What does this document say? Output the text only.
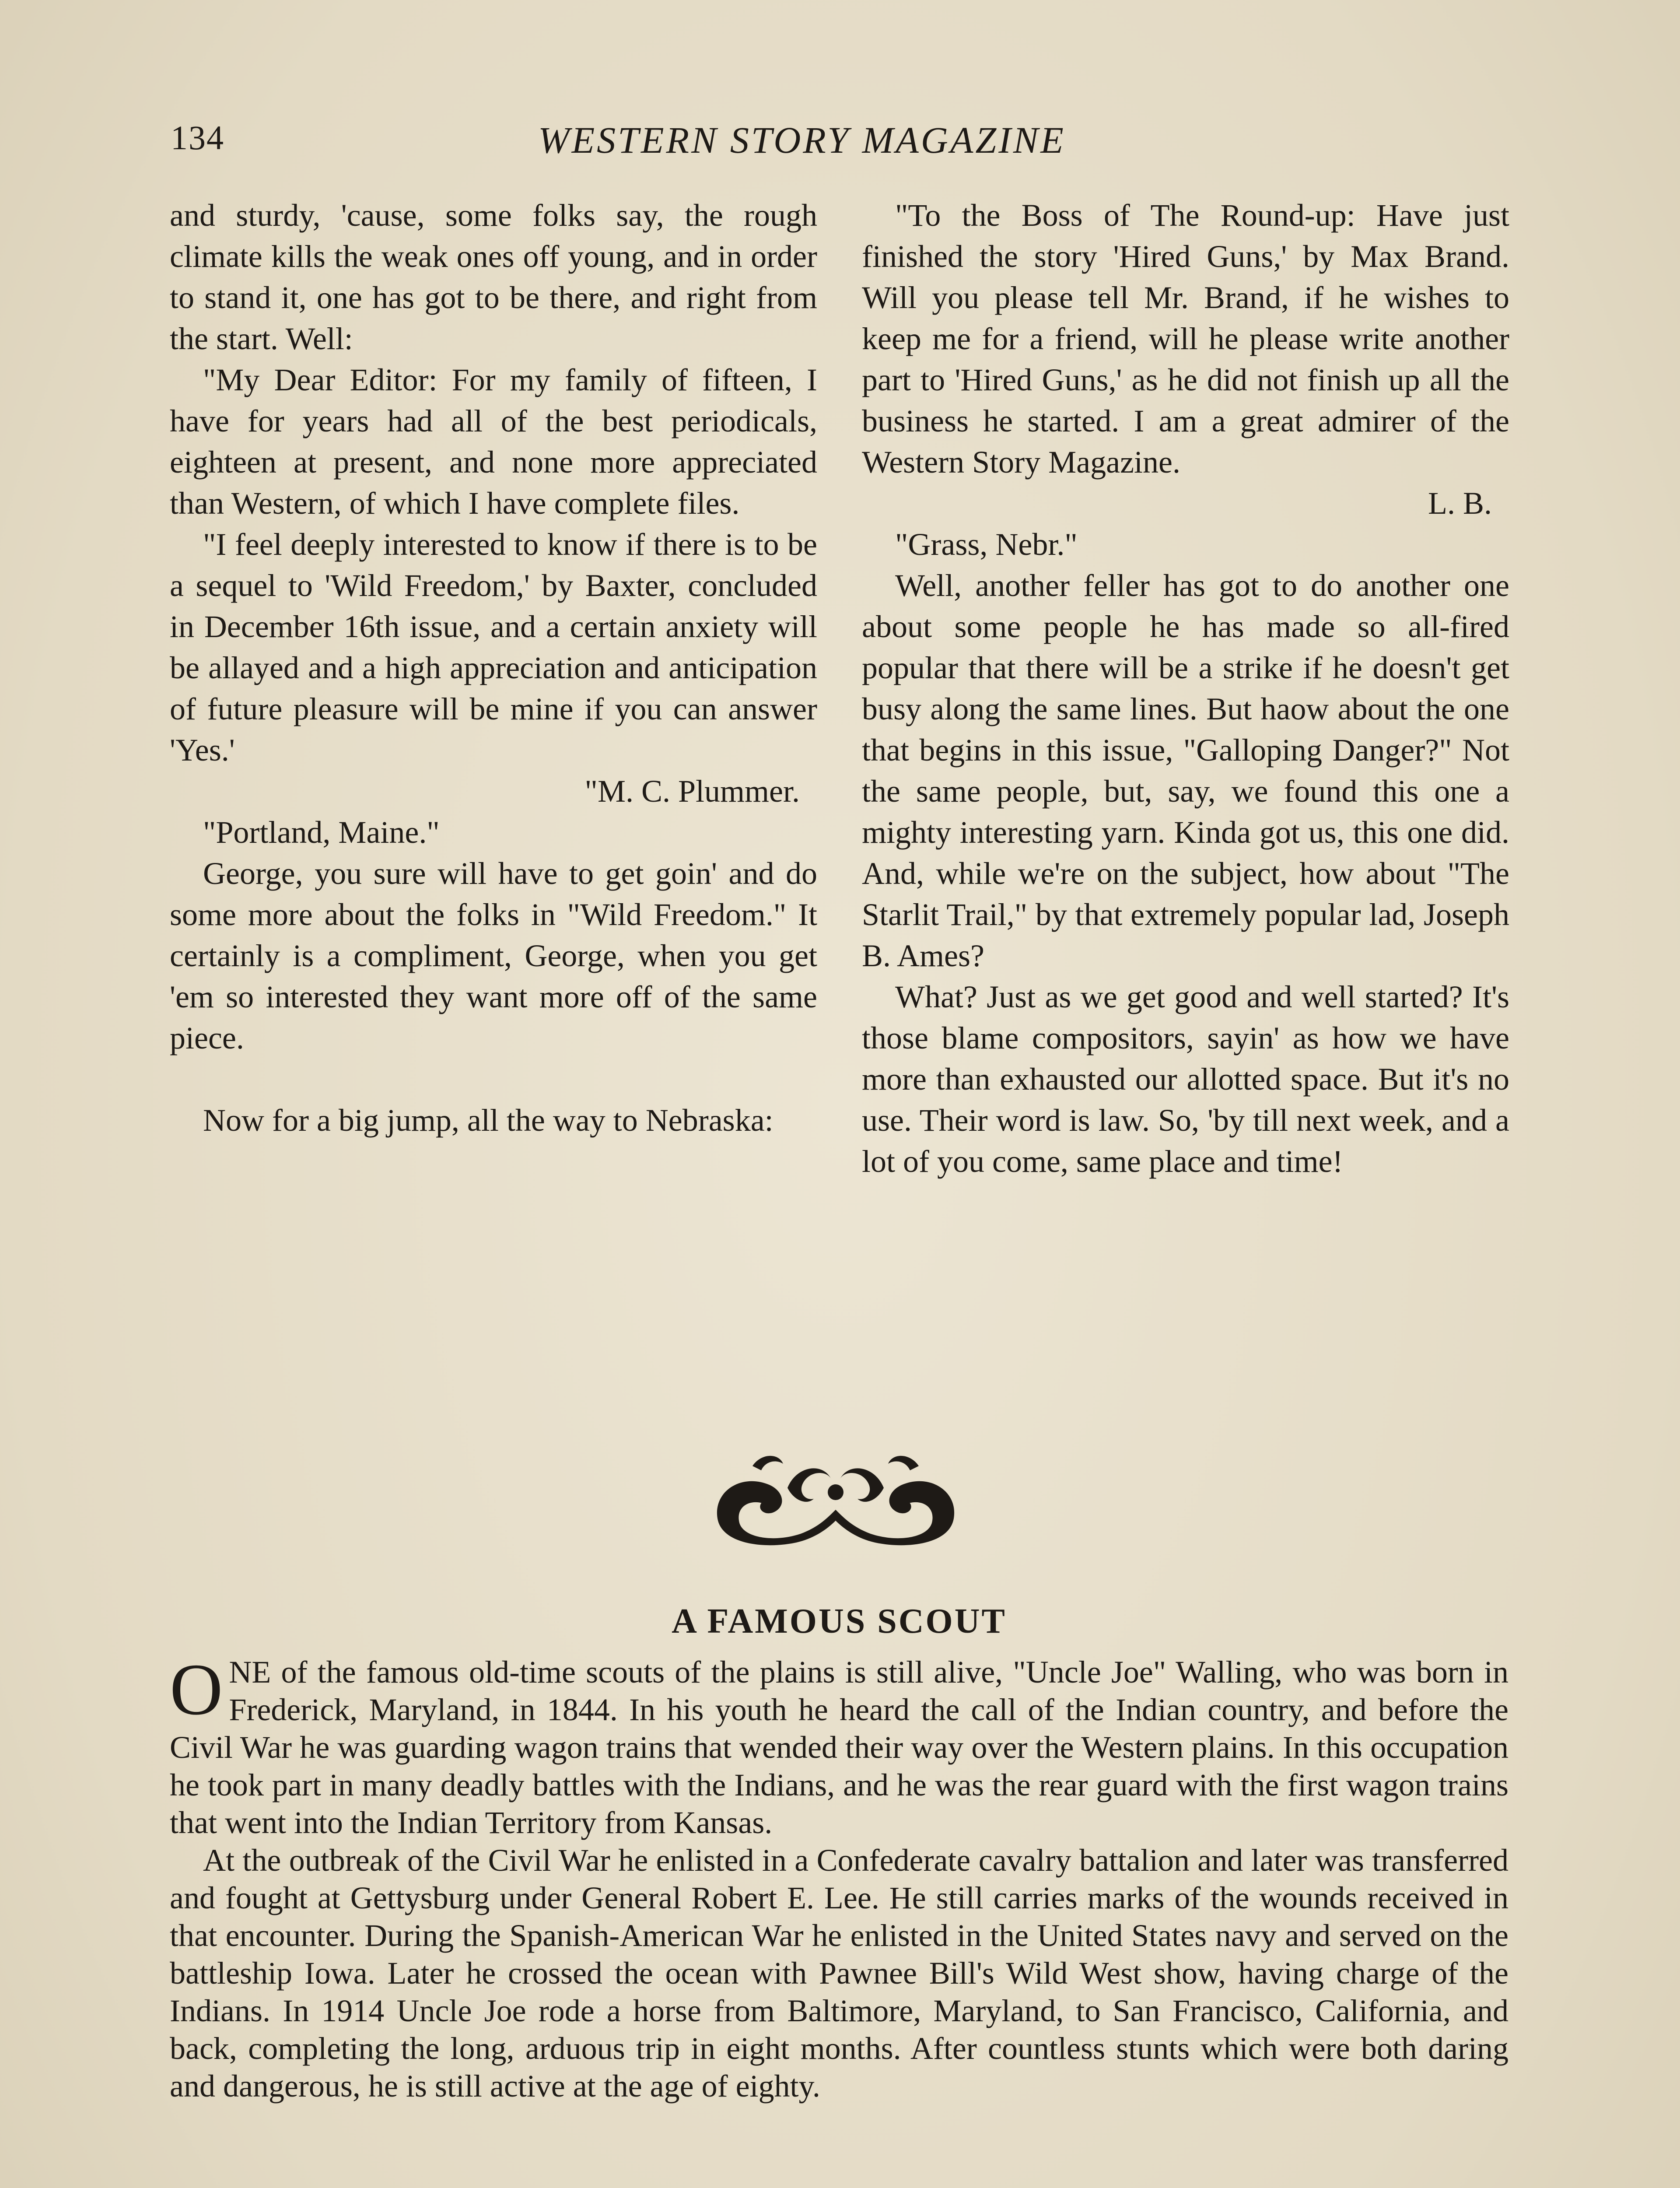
134	WESTERN STORY MAGAZINE

and sturdy, 'cause, some folks say, the rough climate kills the weak ones off young, and in order to stand it, one has got to be there, and right from the start. Well:

"My Dear Editor: For my family of fifteen, I have for years had all of the best periodicals, eighteen at present, and none more appreciated than Western, of which I have complete files.

"I feel deeply interested to know if there is to be a sequel to 'Wild Freedom,' by Baxter, concluded in December 16th issue, and a certain anxiety will be allayed and a high appreciation and anticipation of future pleasure will be mine if you can answer 'Yes.'

"M. C. Plummer.

"Portland, Maine."

George, you sure will have to get goin' and do some more about the folks in "Wild Freedom." It certainly is a compliment, George, when you get 'em so interested they want more off of the same piece.

Now for a big jump, all the way to Nebraska:

"To the Boss of The Round-up: Have just finished the story 'Hired Guns,' by Max Brand. Will you please tell Mr. Brand, if he wishes to keep me for a friend, will he please write another part to 'Hired Guns,' as he did not finish up all the business he started. I am a great admirer of the Western Story Magazine.

L. B.

"Grass, Nebr."

Well, another feller has got to do another one about some people he has made so all-fired popular that there will be a strike if he doesn't get busy along the same lines. But haow about the one that begins in this issue, "Galloping Danger?" Not the same people, but, say, we found this one a mighty interesting yarn. Kinda got us, this one did. And, while we're on the subject, how about "The Starlit Trail," by that extremely popular lad, Joseph B. Ames?

What? Just as we get good and well started? It's those blame compositors, sayin' as how we have more than exhausted our allotted space. But it's no use. Their word is law. So, 'by till next week, and a lot of you come, same place and time!

A FAMOUS SCOUT

ONE of the famous old-time scouts of the plains is still alive, "Uncle Joe" Walling, who was born in Frederick, Maryland, in 1844. In his youth he heard the call of the Indian country, and before the Civil War he was guarding wagon trains that wended their way over the Western plains. In this occupation he took part in many deadly battles with the Indians, and he was the rear guard with the first wagon trains that went into the Indian Territory from Kansas.

At the outbreak of the Civil War he enlisted in a Confederate cavalry battalion and later was transferred and fought at Gettysburg under General Robert E. Lee. He still carries marks of the wounds received in that encounter. During the Spanish-American War he enlisted in the United States navy and served on the battleship Iowa. Later he crossed the ocean with Pawnee Bill's Wild West show, having charge of the Indians. In 1914 Uncle Joe rode a horse from Baltimore, Maryland, to San Francisco, California, and back, completing the long, arduous trip in eight months. After countless stunts which were both daring and dangerous, he is still active at the age of eighty.
